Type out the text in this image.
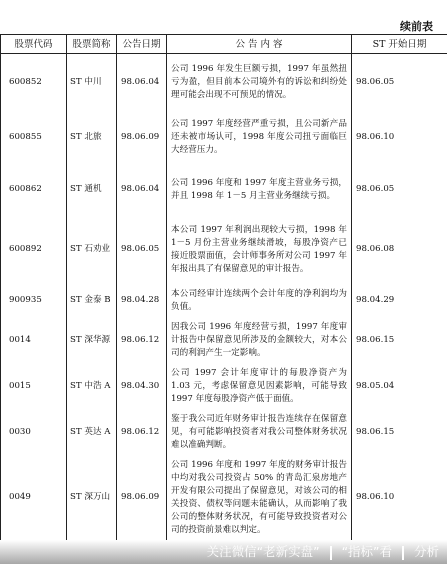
续前表
股票代码	股票简称	公告日期	公 告 内 容	ST 开始日期
600852	ST 中川	98.06.04	公司 1996 年发生巨额亏损，1997 年虽然扭亏为盈，但目前本公司境外有的诉讼和纠纷处理可能会出现不可预见的情况。	98.06.05
600855	ST 北旅	98.06.09	公司 1997 年度经营严重亏损，且公司新产品还未被市场认可，1998 年度公司扭亏面临巨大经营压力。	98.06.10
600862	ST 通机	98.06.04	公司 1996 年度和 1997 年度主营业务亏损，并且 1998 年 1－5 月主营业务继续亏损。	98.06.05
600892	ST 石劝业	98.06.05	本公司 1997 年利润出现较大亏损，1998 年 1－5 月份主营业务继续滑坡，每股净资产已接近股票面值，会计师事务所对公司 1997 年年报出具了有保留意见的审计报告。	98.06.08
900935	ST 金泰 B	98.04.28	本公司经审计连续两个会计年度的净利润均为负值。	98.04.29
0014	ST 深华源	98.06.12	因我公司 1996 年度经营亏损，1997 年度审计报告中保留意见所涉及的金额较大，对本公司的利润产生一定影响。	98.06.15
0015	ST 中浩 A	98.04.30	公司 1997 会计年度审计的每股净资产为 1.03 元，考虑保留意见因素影响，可能导致 1997 年度每股净资产低于面值。	98.05.04
0030	ST 英达 A	98.06.12	鉴于我公司近年财务审计报告连续存在保留意见，有可能影响投资者对我公司整体财务状况难以准确判断。	98.06.15
0049	ST 深万山	98.06.09	公司 1996 年度和 1997 年度的财务审计报告中均对我公司投资占 50% 的青岛汇泉房地产开发有限公司提出了保留意见，对该公司的相关投资、债权等问题未能确认，从而影响了我公司的整体财务状况，有可能导致投资者对公司的投资前景难以判定。	98.06.10
关注微信“老新实盘” “指标”看 分析
